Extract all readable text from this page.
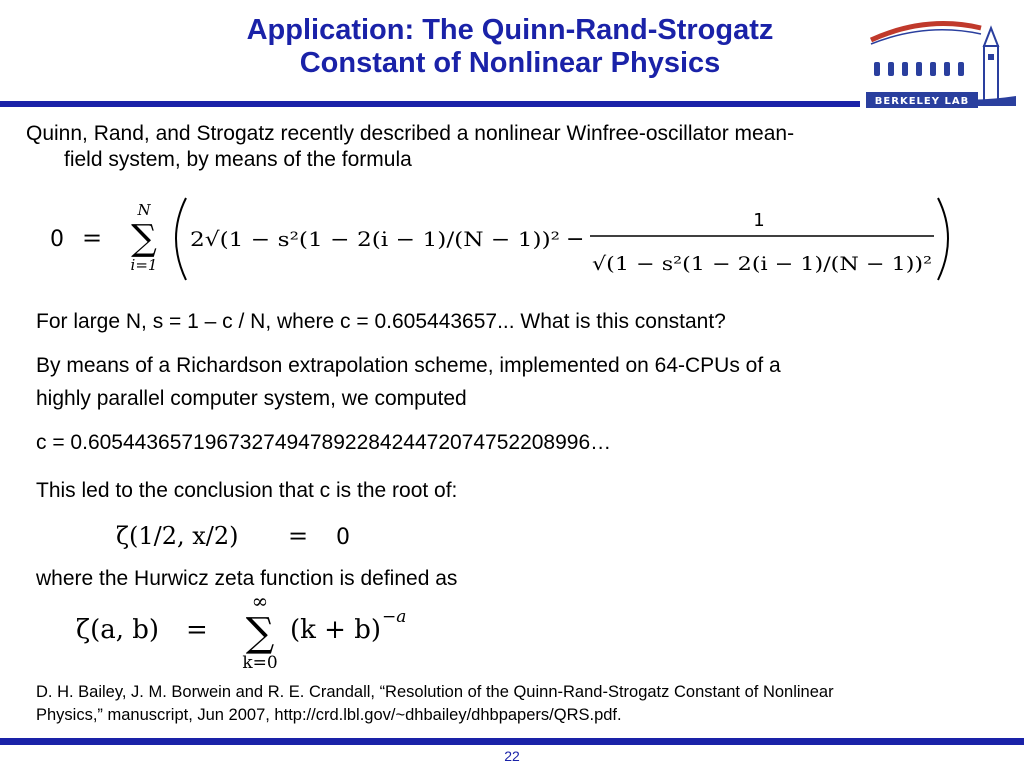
Application: The Quinn-Rand-Strogatz
Constant of Nonlinear Physics
BERKELEY LAB
Quinn, Rand, and Strogatz recently described a nonlinear Winfree-oscillator mean-
field system, by means of the formula
0 =
N
∑
i=1
2√(1 − s²(1 − 2(i − 1)/(N − 1))² −
1
√(1 − s²(1 − 2(i − 1)/(N − 1))²
For large N, s = 1 – c / N, where c = 0.605443657... What is this constant?
By means of a Richardson extrapolation scheme, implemented on 64-CPUs of a
highly parallel computer system, we computed
c = 0.60544365719673274947892284244720747522089​96…
This led to the conclusion that c is the root of:
ζ(1/2, x/2) = 0
where the Hurwicz zeta function is defined as
ζ(a, b) =
∞
∑
k=0
(k + b) −a
D. H. Bailey, J. M. Borwein and R. E. Crandall, “Resolution of the Quinn-Rand-Strogatz Constant of Nonlinear
Physics,” manuscript, Jun 2007, http://crd.lbl.gov/~dhbailey/dhbpapers/QRS.pdf.
22
